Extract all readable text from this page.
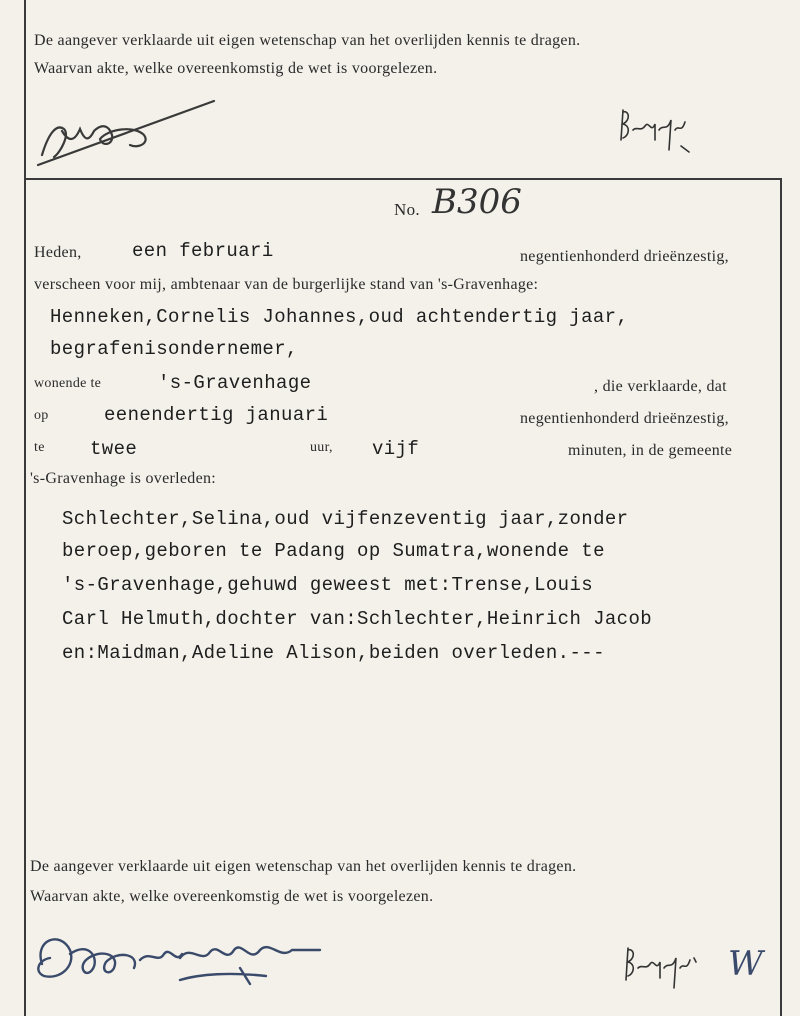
De aangever verklaarde uit eigen wetenschap van het overlijden kennis te dragen.
Waarvan akte, welke overeenkomstig de wet is voorgelezen.
No. B306
Heden,	een februari	negentienhonderd drieënzestig,
verscheen voor mij, ambtenaar van de burgerlijke stand van 's-Gravenhage:
Henneken,Cornelis Johannes,oud achtendertig jaar,
begrafenisondernemer,
wonende te	's-Gravenhage	, die verklaarde, dat
op	eenendertig januari	negentienhonderd drieënzestig,
te twee	uur, vijf	minuten, in de gemeente
's-Gravenhage is overleden:
Schlechter,Selina,oud vijfenzeventig jaar,zonder
beroep,geboren te Padang op Sumatra,wonende te
's-Gravenhage,gehuwd geweest met:Trense,Louis
Carl Helmuth,dochter van:Schlechter,Heinrich Jacob
en:Maidman,Adeline Alison,beiden overleden.---
De aangever verklaarde uit eigen wetenschap van het overlijden kennis te dragen.
Waarvan akte, welke overeenkomstig de wet is voorgelezen.
W
